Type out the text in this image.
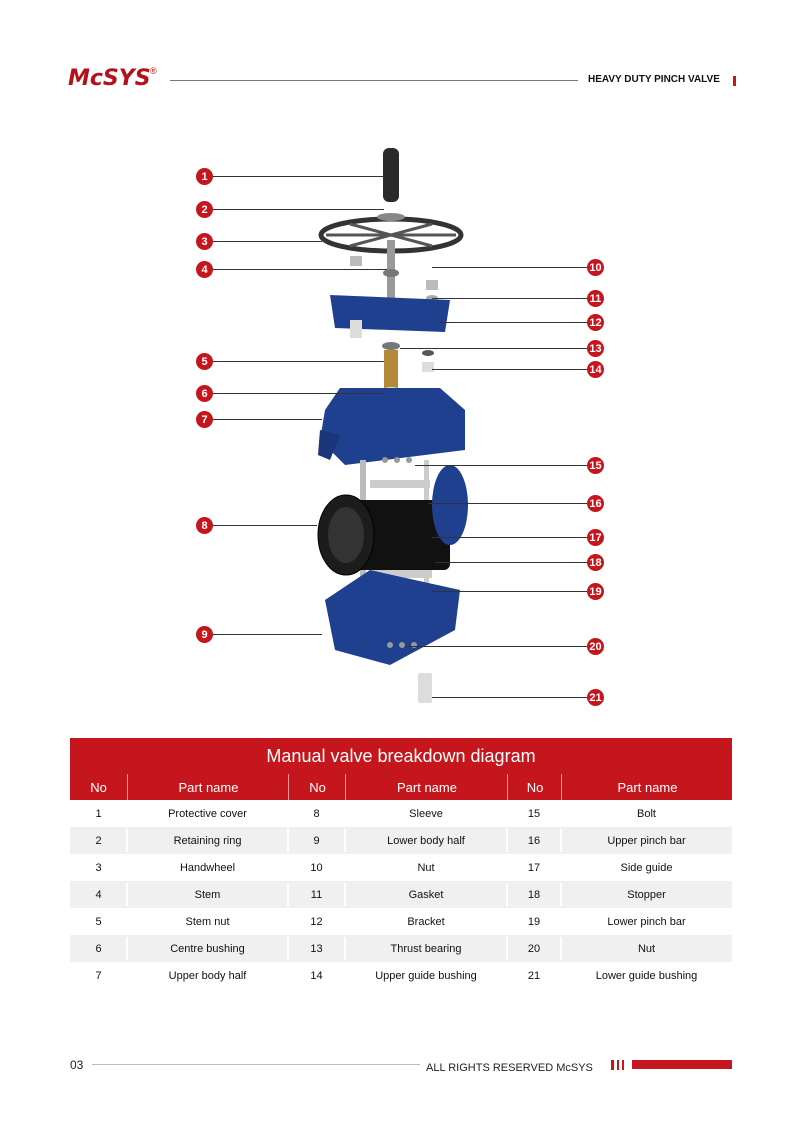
McSYS ®
HEAVY DUTY PINCH VALVE
1
2
3
4
5
6
7
8
9
10
11
12
13
14
15
16
17
18
19
20
21
Manual valve breakdown diagram
No	Part name	No	Part name	No	Part name
1	Protective cover	8	Sleeve	15	Bolt
2	Retaining ring	9	Lower body half	16	Upper pinch bar
3	Handwheel	10	Nut	17	Side guide
4	Stem	11	Gasket	18	Stopper
5	Stem nut	12	Bracket	19	Lower pinch bar
6	Centre bushing	13	Thrust bearing	20	Nut
7	Upper body half	14	Upper guide bushing	21	Lower guide bushing
03	ALL RIGHTS RESERVED McSYS
